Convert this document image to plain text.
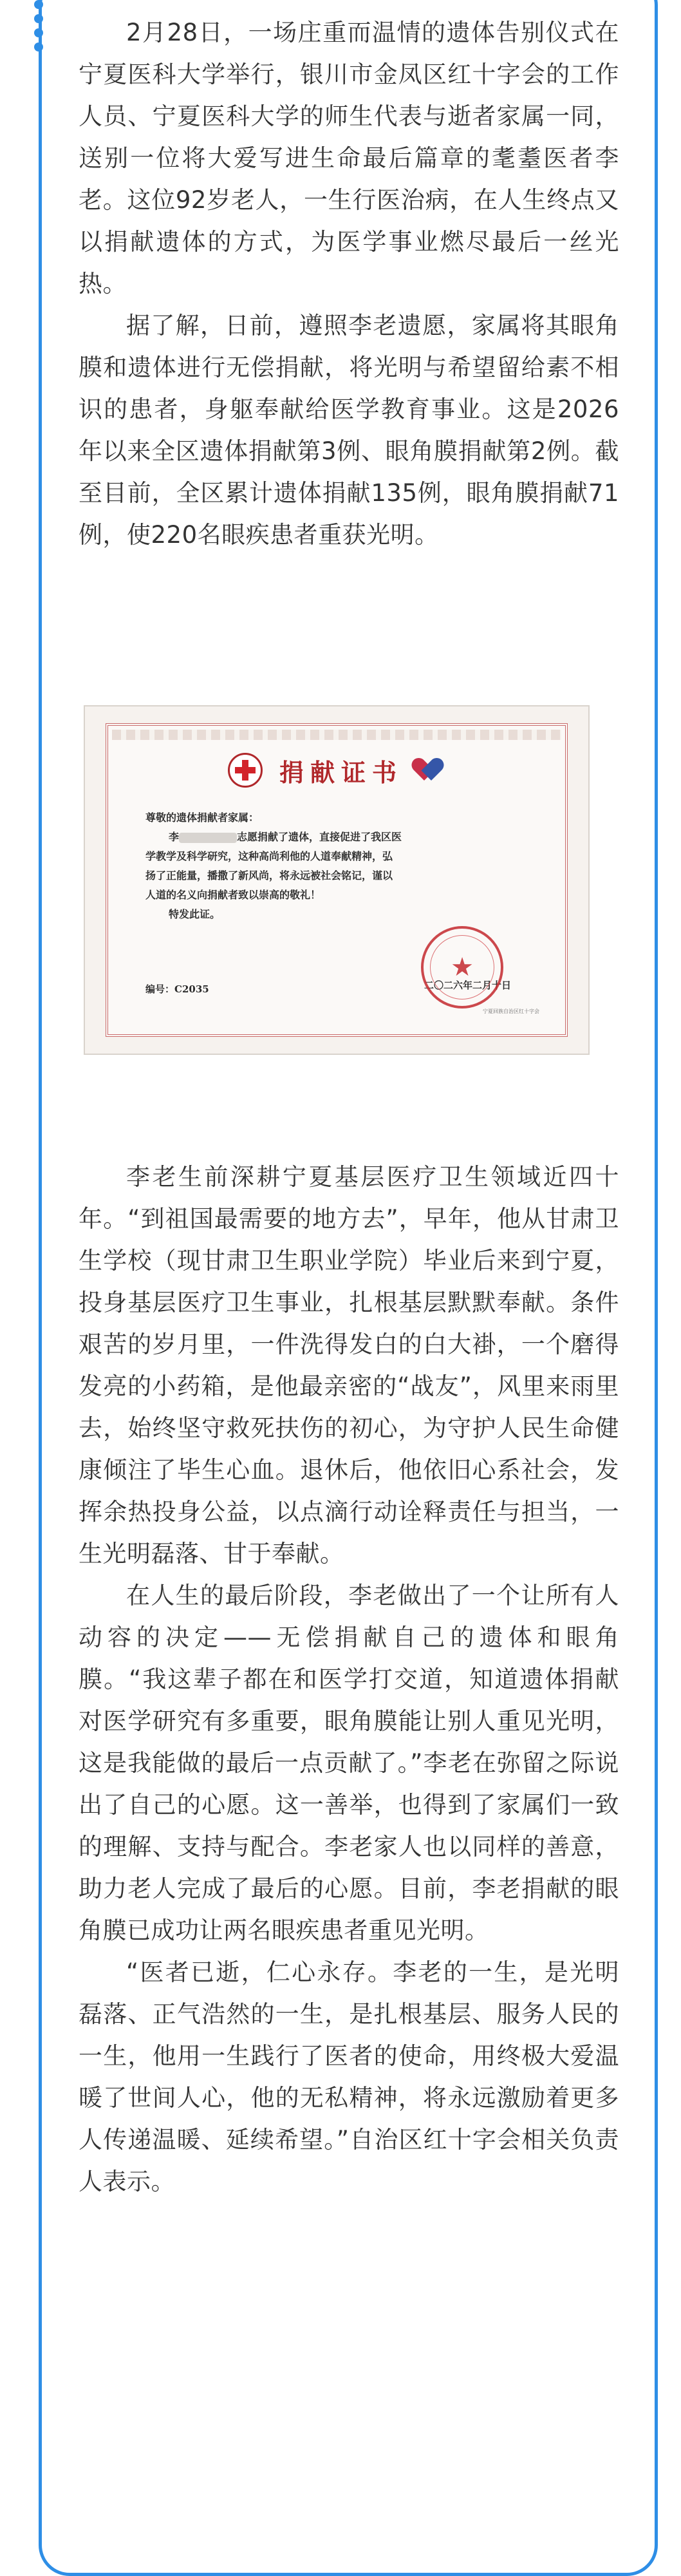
2月28日，一场庄重而温情的遗体告别仪式在宁夏医科大学举行，银川市金凤区红十字会的工作人员、宁夏医科大学的师生代表与逝者家属一同，送别一位将大爱写进生命最后篇章的耄耋医者李老。这位92岁老人，一生行医治病，在人生终点又以捐献遗体的方式，为医学事业燃尽最后一丝光热。

据了解，日前，遵照李老遗愿，家属将其眼角膜和遗体进行无偿捐献，将光明与希望留给素不相识的患者，身躯奉献给医学教育事业。这是2026年以来全区遗体捐献第3例、眼角膜捐献第2例。截至目前，全区累计遗体捐献135例，眼角膜捐献71例，使220名眼疾患者重获光明。

李老生前深耕宁夏基层医疗卫生领域近四十年。“到祖国最需要的地方去”，早年，他从甘肃卫生学校（现甘肃卫生职业学院）毕业后来到宁夏，投身基层医疗卫生事业，扎根基层默默奉献。条件艰苦的岁月里，一件洗得发白的白大褂，一个磨得发亮的小药箱，是他最亲密的“战友”，风里来雨里去，始终坚守救死扶伤的初心，为守护人民生命健康倾注了毕生心血。退休后，他依旧心系社会，发挥余热投身公益，以点滴行动诠释责任与担当，一生光明磊落、甘于奉献。

在人生的最后阶段，李老做出了一个让所有人动容的决定——无偿捐献自己的遗体和眼角膜。“我这辈子都在和医学打交道，知道遗体捐献对医学研究有多重要，眼角膜能让别人重见光明，这是我能做的最后一点贡献了。”李老在弥留之际说出了自己的心愿。这一善举，也得到了家属们一致的理解、支持与配合。李老家人也以同样的善意，助力老人完成了最后的心愿。目前，李老捐献的眼角膜已成功让两名眼疾患者重见光明。

“医者已逝，仁心永存。李老的一生，是光明磊落、正气浩然的一生，是扎根基层、服务人民的一生，他用一生践行了医者的使命，用终极大爱温暖了世间人心，他的无私精神，将永远激励着更多人传递温暖、延续希望。”自治区红十字会相关负责人表示。

捐献证书
尊敬的遗体捐献者家属：
李	志愿捐献了遗体，直接促进了我区医
学教学及科学研究，这种高尚利他的人道奉献精神，弘
扬了正能量，播撒了新风尚，将永远被社会铭记，谨以
人道的名义向捐献者致以崇高的敬礼！
特发此证。
编号：C2035	二〇二六年二月十日
★
宁夏回族自治区红十字会
